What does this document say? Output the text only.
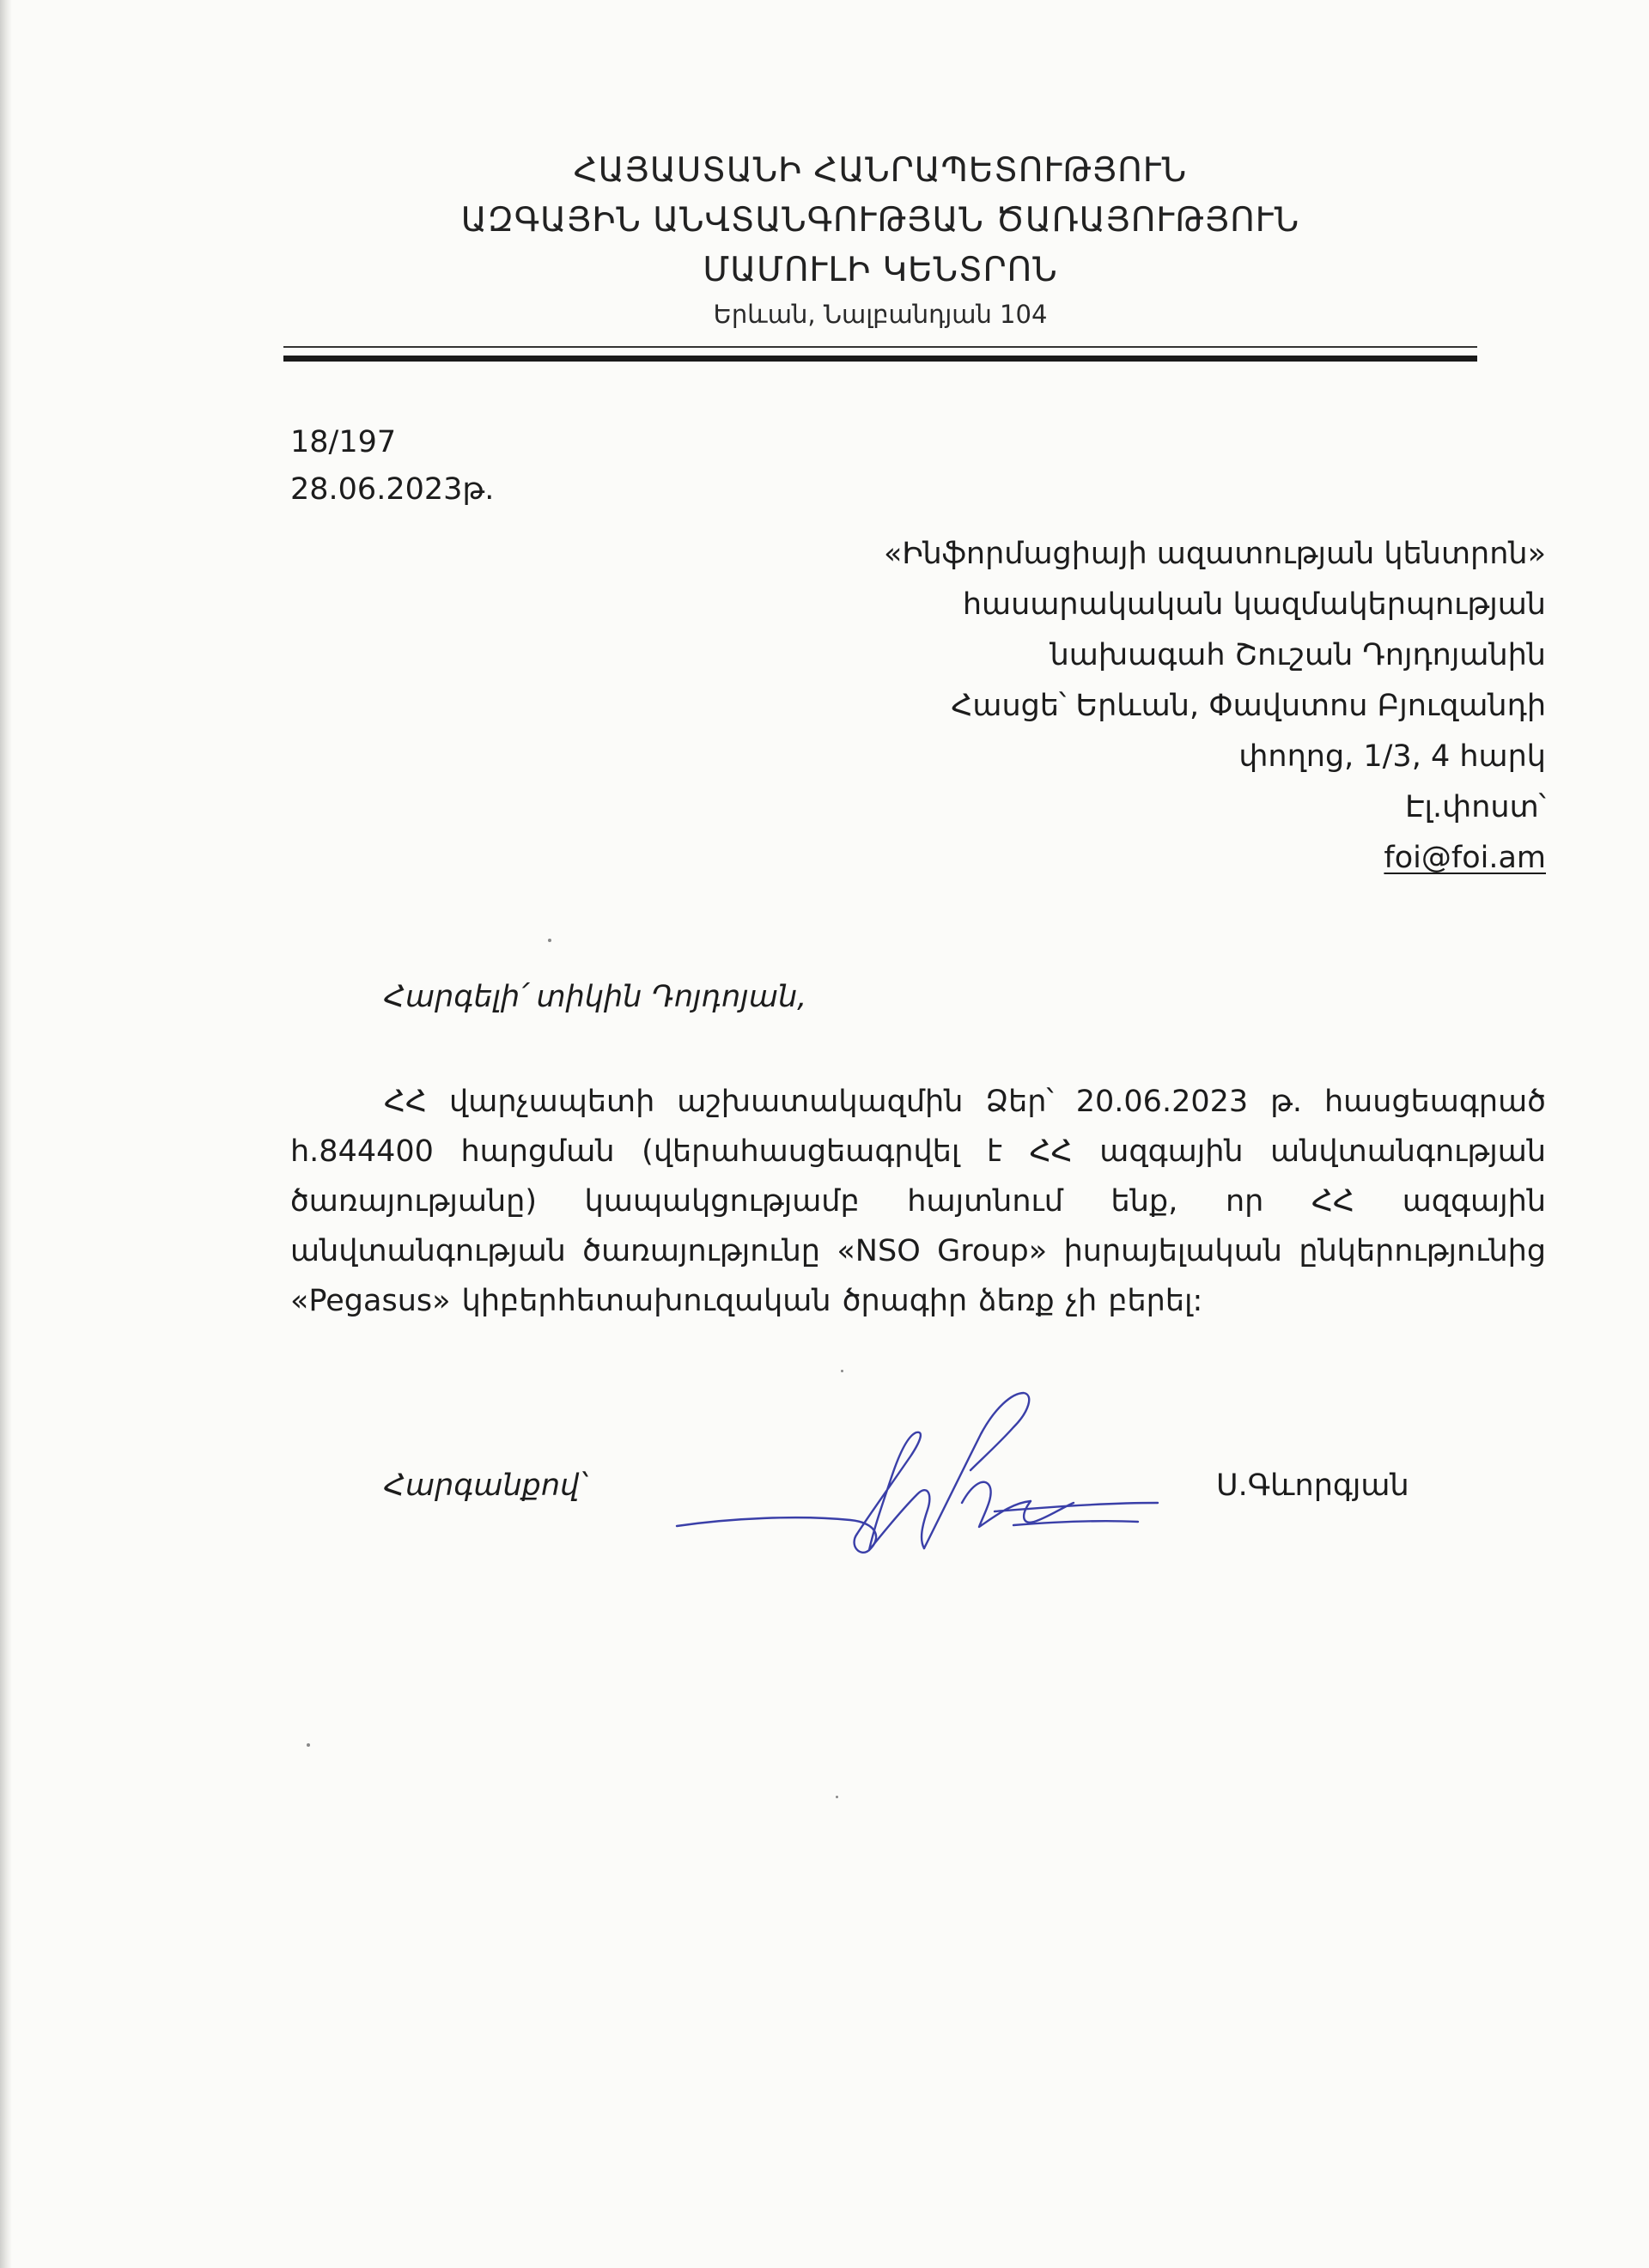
ՀԱՅԱՍՏԱՆԻ ՀԱՆՐԱՊԵՏՈՒԹՅՈՒՆ
ԱԶԳԱՅԻՆ ԱՆՎՏԱՆԳՈՒԹՅԱՆ ԾԱՌԱՅՈՒԹՅՈՒՆ
ՄԱՄՈՒԼԻ ԿԵՆՏՐՈՆ
Երևան, Նալբանդյան 104
18/197
28.06.2023թ.
«Ինֆորմացիայի ազատության կենտրոն»
հասարակական կազմակերպության
նախագահ Շուշան Դոյդոյանին
Հասցե՝ Երևան, Փավստոս Բյուզանդի
փողոց, 1/3, 4 հարկ
Էլ.փոստ՝
foi@foi.am
Հարգելի՛ տիկին Դոյդոյան,

ՀՀ վարչապետի աշխատակազմին Ձեր՝ 20.06.2023 թ. հասցեագրած հ.844400 հարցման (վերահասցեագրվել է ՀՀ ազգային անվտանգության ծառայությանը) կապակցությամբ հայտնում ենք, որ ՀՀ ազգային անվտանգության ծառայությունը «NSO Group» իսրայելական ընկերությունից «Pegasus» կիբերհետախուզական ծրագիր ձեռք չի բերել:

Հարգանքով՝	Ս.Գևորգյան
